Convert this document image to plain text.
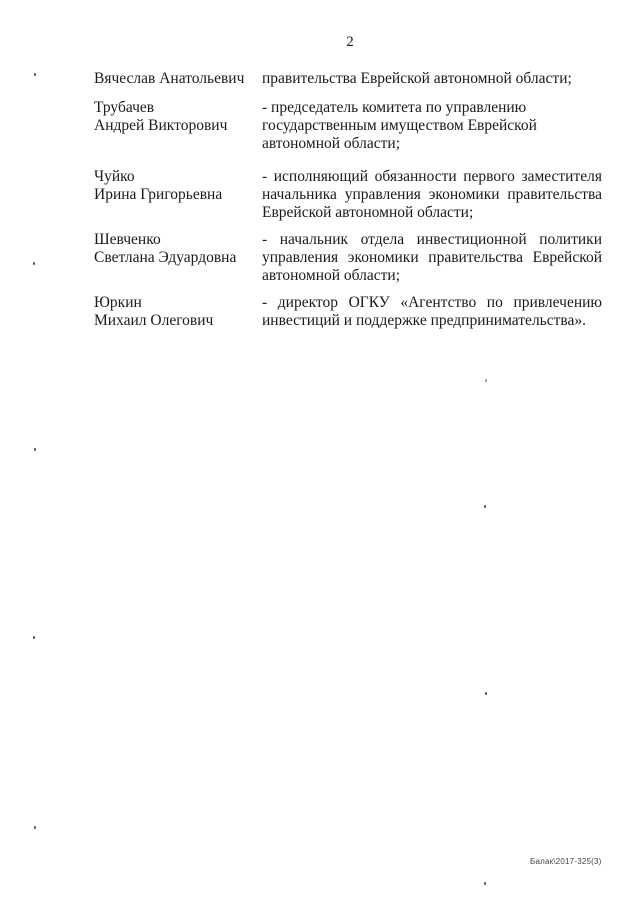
2
Вячеслав Анатольевич	правительства Еврейской автономной области;
Трубачев
Андрей Викторович
- председатель комитета по управлению государственным имуществом Еврейской автономной области;
Чуйко
Ирина Григорьевна
- исполняющий обязанности первого заместителя начальника управления экономики правительства Еврейской автономной области;
Шевченко
Светлана Эдуардовна
- начальник отдела инвестиционной политики управления экономики правительства Еврейской автономной области;
Юркин
Михаил Олегович
- директор ОГКУ «Агентство по привлечению инвестиций и поддержке предпринимательства».
Балак\2017-325(3)
